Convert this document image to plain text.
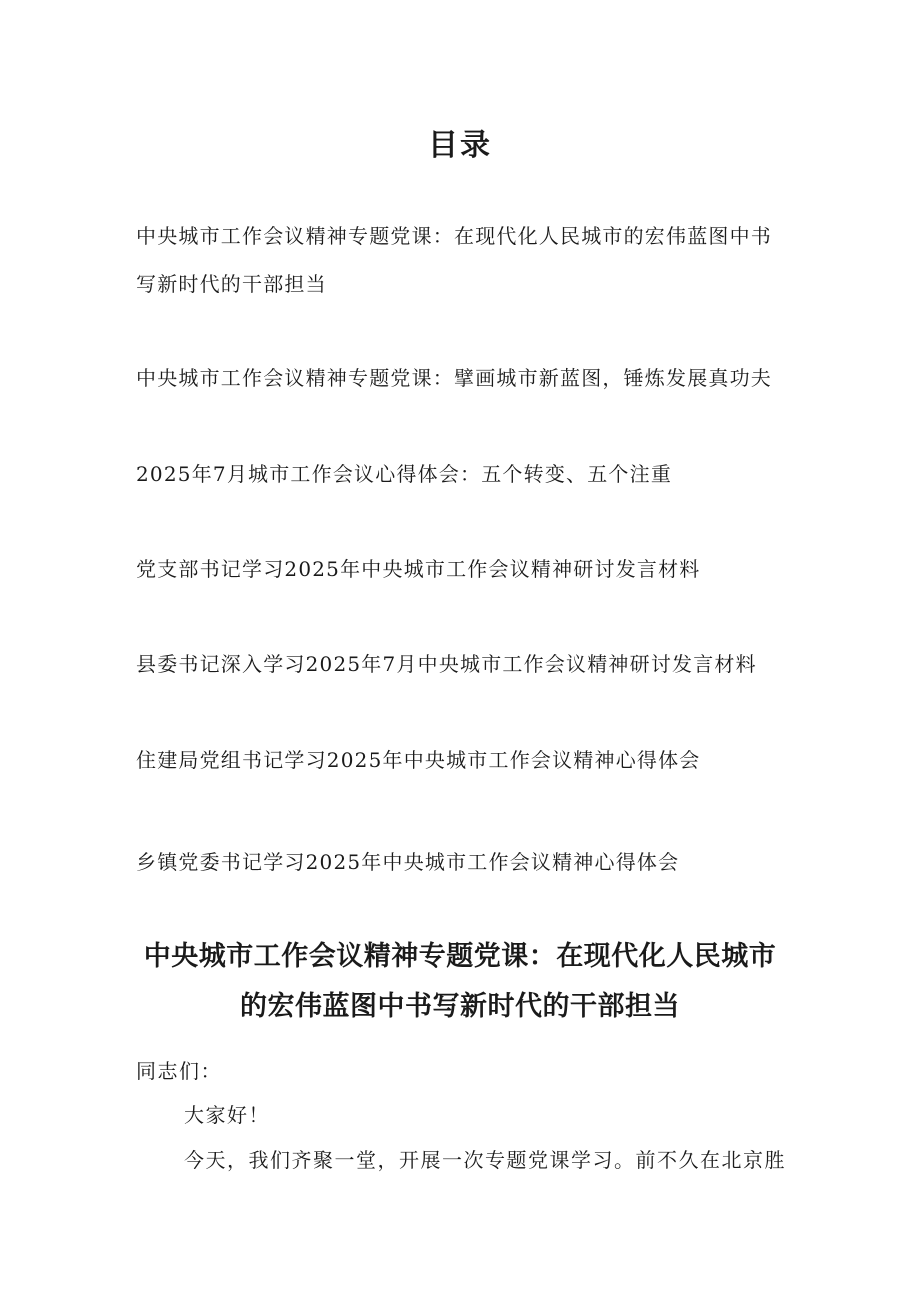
目录
中央城市工作会议精神专题党课：在现代化人民城市的宏伟蓝图中书
写新时代的干部担当
中央城市工作会议精神专题党课：擘画城市新蓝图，锤炼发展真功夫
2025年7月城市工作会议心得体会：五个转变、五个注重
党支部书记学习2025年中央城市工作会议精神研讨发言材料
县委书记深入学习2025年7月中央城市工作会议精神研讨发言材料
住建局党组书记学习2025年中央城市工作会议精神心得体会
乡镇党委书记学习2025年中央城市工作会议精神心得体会
中央城市工作会议精神专题党课：在现代化人民城市
的宏伟蓝图中书写新时代的干部担当
同志们：
大家好！
今天，我们齐聚一堂，开展一次专题党课学习。前不久在北京胜
